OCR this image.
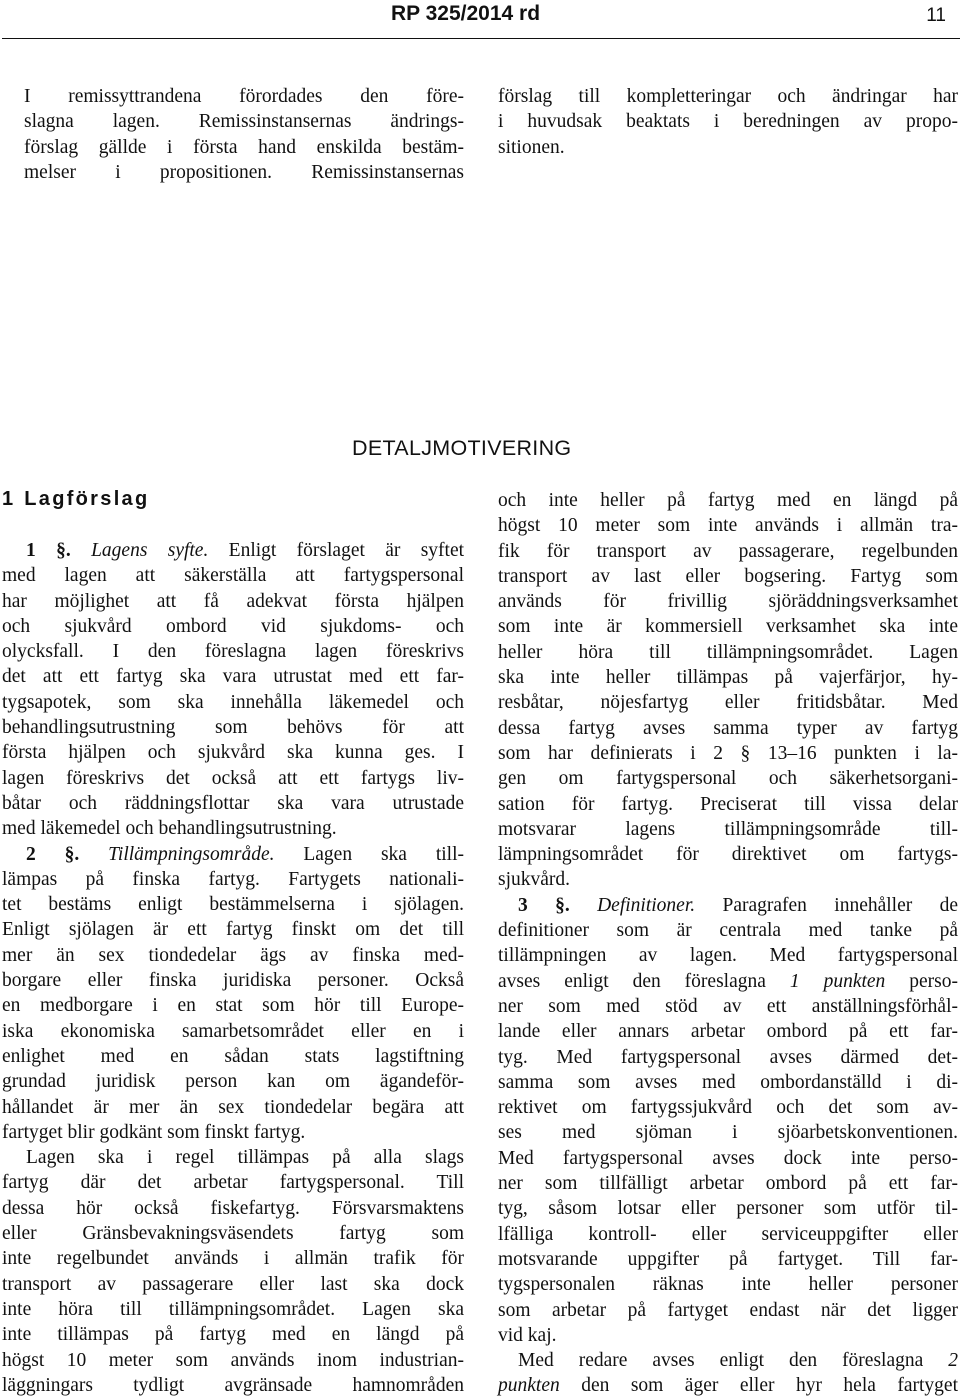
RP 325/2014 rd	11
I remissyttrandena förordades den före-
slagna lagen. Remissinstansernas ändrings-
förslag gällde i första hand enskilda bestäm-
melser i propositionen. Remissinstansernas
förslag till kompletteringar och ändringar har
i huvudsak beaktats i beredningen av propo-
sitionen.
DETALJMOTIVERING
1 Lagförslag
1 §. Lagens syfte. Enligt förslaget är syftet
med lagen att säkerställa att fartygspersonal
har möjlighet att få adekvat första hjälpen
och sjukvård ombord vid sjukdoms- och
olycksfall. I den föreslagna lagen föreskrivs
det att ett fartyg ska vara utrustat med ett far-
tygsapotek, som ska innehålla läkemedel och
behandlingsutrustning som behövs för att
första hjälpen och sjukvård ska kunna ges. I
lagen föreskrivs det också att ett fartygs liv-
båtar och räddningsflottar ska vara utrustade
med läkemedel och behandlingsutrustning.
2 §. Tillämpningsområde. Lagen ska till-
lämpas på finska fartyg. Fartygets nationali-
tet bestäms enligt bestämmelserna i sjölagen.
Enligt sjölagen är ett fartyg finskt om det till
mer än sex tiondedelar ägs av finska med-
borgare eller finska juridiska personer. Också
en medborgare i en stat som hör till Europe-
iska ekonomiska samarbetsområdet eller en i
enlighet med en sådan stats lagstiftning
grundad juridisk person kan om ägandeför-
hållandet är mer än sex tiondedelar begära att
fartyget blir godkänt som finskt fartyg.
Lagen ska i regel tillämpas på alla slags
fartyg där det arbetar fartygspersonal. Till
dessa hör också fiskefartyg. Försvarsmaktens
eller Gränsbevakningsväsendets fartyg som
inte regelbundet används i allmän trafik för
transport av passagerare eller last ska dock
inte höra till tillämpningsområdet. Lagen ska
inte tillämpas på fartyg med en längd på
högst 10 meter som används inom industrian-
läggningars tydligt avgränsade hamnområden
och inte heller på fartyg med en längd på
högst 10 meter som inte används i allmän tra-
fik för transport av passagerare, regelbunden
transport av last eller bogsering. Fartyg som
används för frivillig sjöräddningsverksamhet
som inte är kommersiell verksamhet ska inte
heller höra till tillämpningsområdet. Lagen
ska inte heller tillämpas på vajerfärjor, hy-
resbåtar, nöjesfartyg eller fritidsbåtar. Med
dessa fartyg avses samma typer av fartyg
som har definierats i 2 § 13–16 punkten i la-
gen om fartygspersonal och säkerhetsorgani-
sation för fartyg. Preciserat till vissa delar
motsvarar lagens tillämpningsområde till-
lämpningsområdet för direktivet om fartygs-
sjukvård.
3 §. Definitioner. Paragrafen innehåller de
definitioner som är centrala med tanke på
tillämpningen av lagen. Med fartygspersonal
avses enligt den föreslagna 1 punkten perso-
ner som med stöd av ett anställningsförhål-
lande eller annars arbetar ombord på ett far-
tyg. Med fartygspersonal avses därmed det-
samma som avses med ombordanställd i di-
rektivet om fartygssjukvård och det som av-
ses med sjöman i sjöarbetskonventionen.
Med fartygspersonal avses dock inte perso-
ner som tillfälligt arbetar ombord på ett far-
tyg, såsom lotsar eller personer som utför til-
lfälliga kontroll- eller serviceuppgifter eller
motsvarande uppgifter på fartyget. Till far-
tygspersonalen räknas inte heller personer
som arbetar på fartyget endast när det ligger
vid kaj.
Med redare avses enligt den föreslagna 2
punkten den som äger eller hyr hela fartyget
